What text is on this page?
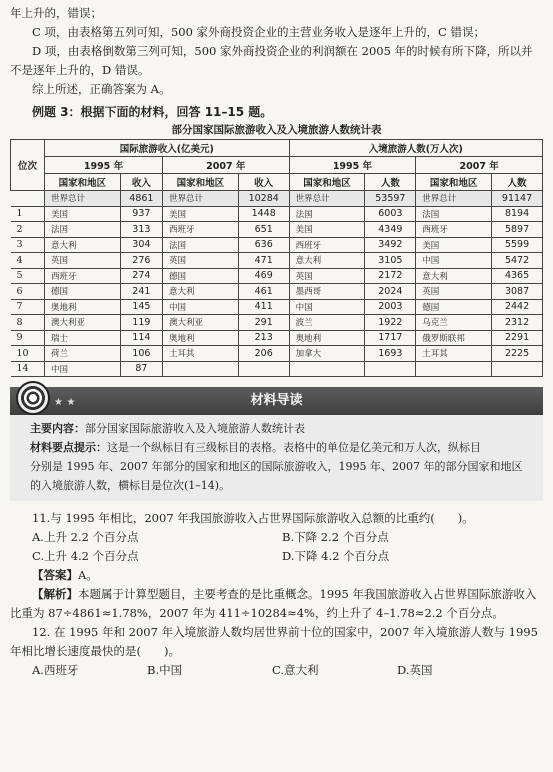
年上升的，错误；
C 项，由表格第五列可知，500 家外商投资企业的主营业务收入是逐年上升的，C 错误；
D 项，由表格倒数第三列可知，500 家外商投资企业的利润额在 2005 年的时候有所下降，所以并
不是逐年上升的，D 错误。
综上所述，正确答案为 A。
例题 3：根据下面的材料，回答 11–15 题。
部分国家国际旅游收入及入境旅游人数统计表
位次	国际旅游收入(亿美元)				入境旅游人数(万人次)			
	1995 年		2007 年		1995 年		2007 年	
	国家和地区	收入	国家和地区	收入	国家和地区	人数	国家和地区	人数
	世界总计	4861	世界总计	10284	世界总计	53597	世界总计	91147
1	美国	937	美国	1448	法国	6003	法国	8194
2	法国	313	西班牙	651	美国	4349	西班牙	5897
3	意大利	304	法国	636	西班牙	3492	美国	5599
4	英国	276	英国	471	意大利	3105	中国	5472
5	西班牙	274	德国	469	英国	2172	意大利	4365
6	德国	241	意大利	461	墨西哥	2024	英国	3087
7	奥地利	145	中国	411	中国	2003	德国	2442
8	澳大利亚	119	澳大利亚	291	波兰	1922	乌克兰	2312
9	瑞士	114	奥地利	213	奥地利	1717	俄罗斯联邦	2291
10	荷兰	106	土耳其	206	加拿大	1693	土耳其	2225
14	中国	87						
★ ★	材料导读
主要内容：部分国家国际旅游收入及入境旅游人数统计表
材料要点提示：这是一个纵标目有三级标目的表格。表格中的单位是亿美元和万人次，纵标目
分别是 1995 年、2007 年部分的国家和地区的国际旅游收入，1995 年、2007 年的部分国家和地区
的入境旅游人数，横标目是位次(1–14)。
11.与 1995 年相比，2007 年我国旅游收入占世界国际旅游收入总额的比重约(　　)。
A.上升 2.2 个百分点	B.下降 2.2 个百分点
C.上升 4.2 个百分点	D.下降 4.2 个百分点
【答案】A。
【解析】本题属于计算型题目，主要考查的是比重概念。1995 年我国旅游收入占世界国际旅游收入
比重为 87÷4861≈1.78%，2007 年为 411÷10284≈4%，约上升了 4–1.78≈2.2 个百分点。
12. 在 1995 年和 2007 年入境旅游人数均居世界前十位的国家中，2007 年入境旅游人数与 1995
年相比增长速度最快的是(　　)。
A.西班牙	B.中国	C.意大利	D.英国
